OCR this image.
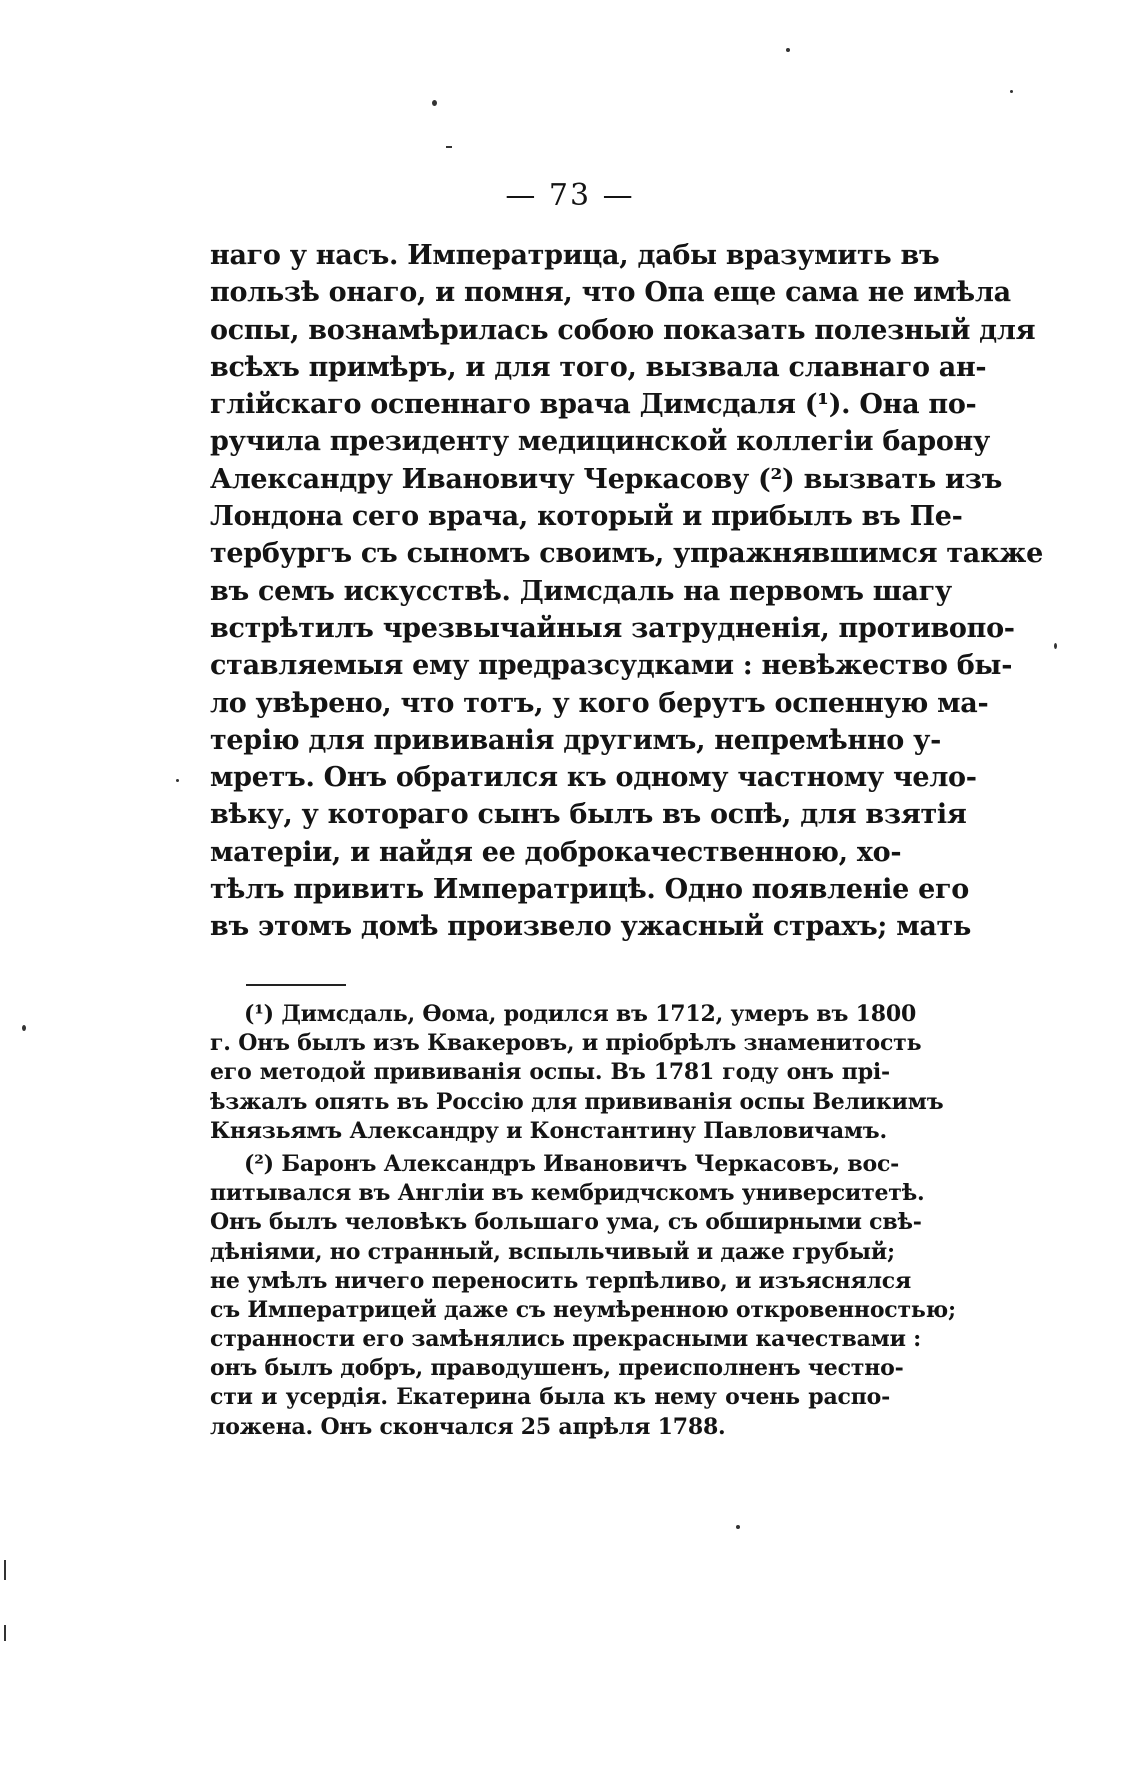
— 73 —
наго у насъ. Императрица, дабы вразумить въ
пользѣ онаго, и помня, что Опа еще сама не имѣла
оспы, вознамѣрилась собою показать полезный для
всѣхъ примѣръ, и для того, вызвала славнаго ан-
глійскаго оспеннаго врача Димсдаля (¹). Она по-
ручила президенту медицинской коллегіи барону
Александру Ивановичу Черкасову (²) вызвать изъ
Лондона сего врача, который и прибылъ въ Пе-
тербургъ съ сыномъ своимъ, упражнявшимся также
въ семъ искусствѣ. Димсдаль на первомъ шагу
встрѣтилъ чрезвычайныя затрудненія, противопо-
ставляемыя ему предразсудками : невѣжество бы-
ло увѣрено, что тотъ, у кого берутъ оспенную ма-
терію для прививанія другимъ, непремѣнно у-
мретъ. Онъ обратился къ одному частному чело-
вѣку, у котораго сынъ былъ въ оспѣ, для взятія
матеріи, и найдя ее доброкачественною, хо-
тѣлъ привить Императрицѣ. Одно появленіе его
въ этомъ домѣ произвело ужасный страхъ; мать
(¹) Димсдаль, Ѳома, родился въ 1712, умеръ въ 1800
г. Онъ былъ изъ Квакеровъ, и пріобрѣлъ знаменитость
его методой прививанія оспы. Въ 1781 году онъ прі-
ѣзжалъ опять въ Россію для прививанія оспы Великимъ
Князьямъ Александру и Константину Павловичамъ.
(²) Баронъ Александръ Ивановичъ Черкасовъ, вос-
питывался въ Англіи въ кембридчскомъ университетѣ.
Онъ былъ человѣкъ большаго ума, съ обширными свѣ-
дѣніями, но странный, вспыльчивый и даже грубый;
не умѣлъ ничего переносить терпѣливо, и изъяснялся
съ Императрицей даже съ неумѣренною откровенностью;
странности его замѣнялись прекрасными качествами :
онъ былъ добръ, праводушенъ, преисполненъ честно-
сти и усердія. Екатерина была къ нему очень распо-
ложена. Онъ скончался 25 апрѣля 1788.
